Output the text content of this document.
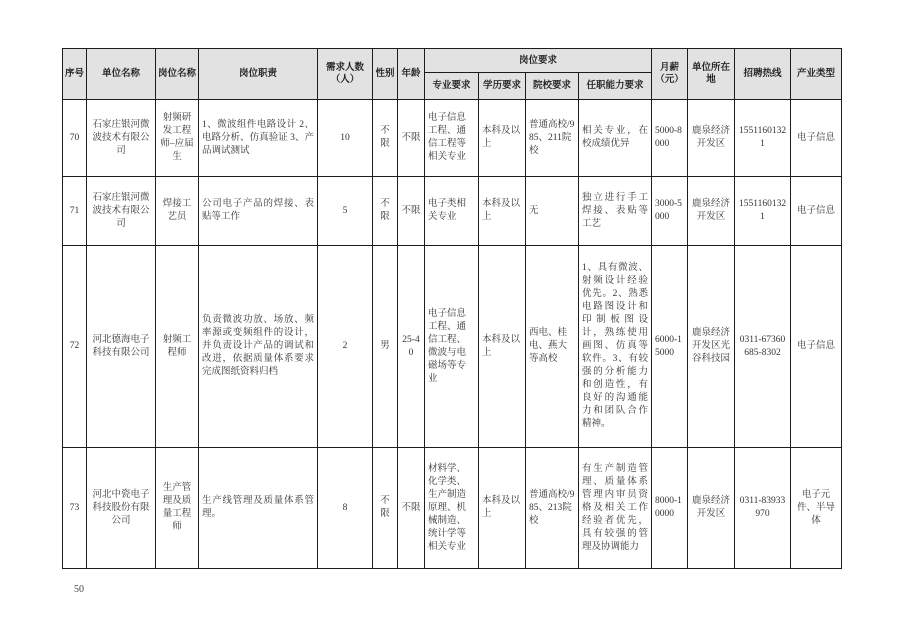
序号	单位名称	岗位名称	岗位职责	需求人数（人）	性别	年龄	岗位要求				月薪（元）	单位所在地	招聘热线	产业类型
							专业要求	学历要求	院校要求	任职能力要求				
70	石家庄银河微波技术有限公司	射频研发工程师–应届生	1、微波组件电路设计 2、电路分析、仿真验证 3、产品调试测试	10	不限	不限	电子信息工程、通信工程等相关专业	本科及以上	普通高校/985、211院校	相关专业，在校成绩优异	5000-8000	鹿泉经济开发区	15511601321	电子信息
71	石家庄银河微波技术有限公司	焊接工艺员	公司电子产品的焊接、表贴等工作	5	不限	不限	电子类相关专业	本科及以上	无	独立进行手工焊接、表贴等工艺	3000-5000	鹿泉经济开发区	15511601321	电子信息
72	河北德海电子科技有限公司	射频工程师	负责微波功放、场放、频率源或变频组件的设计，并负责设计产品的调试和改进，依据质量体系要求完成图纸资料归档	2	男	25-40	电子信息工程、通信工程、微波与电磁场等专业	本科及以上	西电、桂电、燕大等高校	1、具有微波、射频设计经验优先。2、熟悉电路图设计和印制板图设计，熟练使用画图、仿真等软件。3、有较强的分析能力和创造性，有良好的沟通能力和团队合作精神。	6000-15000	鹿泉经济开发区光谷科技园	0311-67360685-8302	电子信息
73	河北中瓷电子科技股份有限公司	生产管理及质量工程师	生产线管理及质量体系管理。	8	不限	不限	材料学、化学类、生产制造原理、机械制造、统计学等相关专业	本科及以上	普通高校/985、213院校	有生产制造管理、质量体系管理内审员资格及相关工作经验者优先，具有较强的管理及协调能力	8000-10000	鹿泉经济开发区	0311-83933970	电子元件、半导体
50
